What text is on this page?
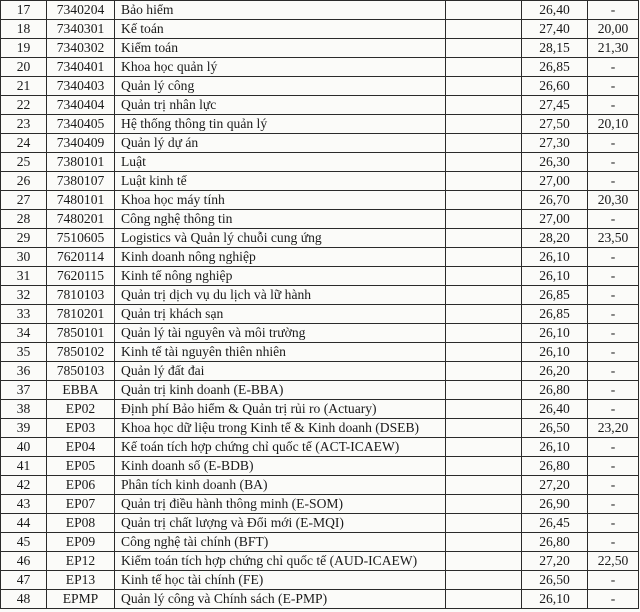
17	7340204	Bảo hiểm		26,40	-
18	7340301	Kế toán		27,40	20,00
19	7340302	Kiểm toán		28,15	21,30
20	7340401	Khoa học quản lý		26,85	-
21	7340403	Quản lý công		26,60	-
22	7340404	Quản trị nhân lực		27,45	-
23	7340405	Hệ thống thông tin quản lý		27,50	20,10
24	7340409	Quản lý dự án		27,30	-
25	7380101	Luật		26,30	-
26	7380107	Luật kinh tế		27,00	-
27	7480101	Khoa học máy tính		26,70	20,30
28	7480201	Công nghệ thông tin		27,00	-
29	7510605	Logistics và Quản lý chuỗi cung ứng		28,20	23,50
30	7620114	Kinh doanh nông nghiệp		26,10	-
31	7620115	Kinh tế nông nghiệp		26,10	-
32	7810103	Quản trị dịch vụ du lịch và lữ hành		26,85	-
33	7810201	Quản trị khách sạn		26,85	-
34	7850101	Quản lý tài nguyên và môi trường		26,10	-
35	7850102	Kinh tế tài nguyên thiên nhiên		26,10	-
36	7850103	Quản lý đất đai		26,20	-
37	EBBA	Quản trị kinh doanh (E-BBA)		26,80	-
38	EP02	Định phí Bảo hiểm & Quản trị rủi ro (Actuary)		26,40	-
39	EP03	Khoa học dữ liệu trong Kinh tế & Kinh doanh (DSEB)		26,50	23,20
40	EP04	Kế toán tích hợp chứng chỉ quốc tế (ACT-ICAEW)		26,10	-
41	EP05	Kinh doanh số (E-BDB)		26,80	-
42	EP06	Phân tích kinh doanh (BA)		27,20	-
43	EP07	Quản trị điều hành thông minh (E-SOM)		26,90	-
44	EP08	Quản trị chất lượng và Đổi mới (E-MQI)		26,45	-
45	EP09	Công nghệ tài chính (BFT)		26,80	-
46	EP12	Kiểm toán tích hợp chứng chỉ quốc tế (AUD-ICAEW)		27,20	22,50
47	EP13	Kinh tế học tài chính (FE)		26,50	-
48	EPMP	Quản lý công và Chính sách (E-PMP)		26,10	-
